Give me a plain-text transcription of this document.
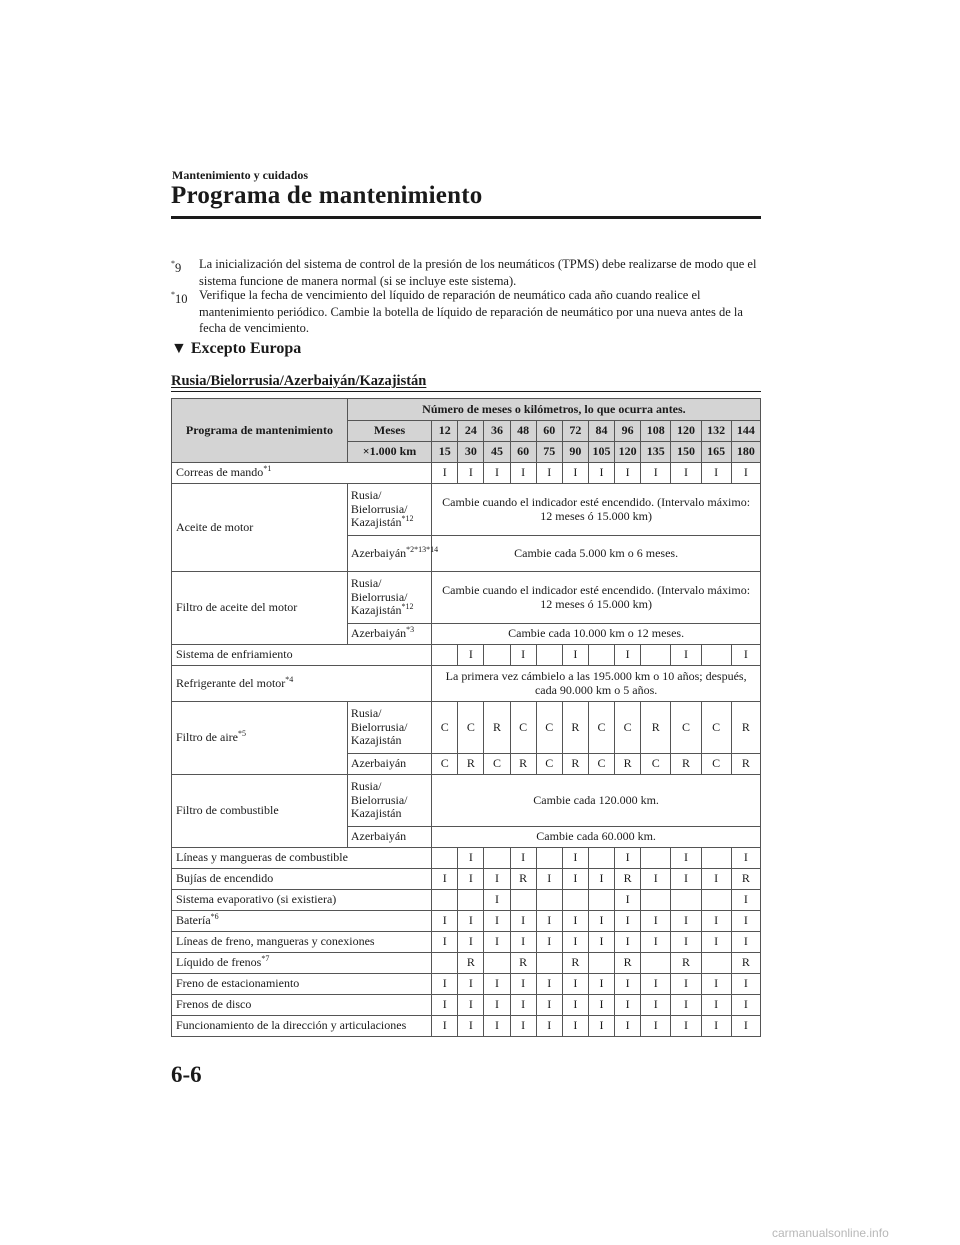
Mantenimiento y cuidados
Programa de mantenimiento
*9	La inicialización del sistema de control de la presión de los neumáticos (TPMS) debe realizarse de modo que el sistema funcione de manera normal (si se incluye este sistema).
*10 Verifique la fecha de vencimiento del líquido de reparación de neumático cada año cuando realice el mantenimiento periódico. Cambie la botella de líquido de reparación de neumático por una nueva antes de la fecha de vencimiento.
▼ Excepto Europa
Rusia/Bielorrusia/Azerbaiyán/Kazajistán
Programa de mantenimiento	Número de meses o kilómetros, lo que ocurra antes.												
	Meses	12	24	36	48	60	72	84	96	108	120	132	144
	×1.000 km	15	30	45	60	75	90	105	120	135	150	165	180
Correas de mando$^{*1}$		I	I	I	I	I	I	I	I	I	I	I	I
Aceite de motor	Rusia/ Bielorrusia/ Kazajistán$^{*12}$	Cambie cuando el indicador esté encendido. (Intervalo máximo: 12 meses ó 15.000 km)											
	Azerbaiyán$^{*2*13*14}$	Cambie cada 5.000 km o 6 meses.											
Filtro de aceite del motor	Rusia/ Bielorrusia/ Kazajistán$^{*12}$	Cambie cuando el indicador esté encendido. (Intervalo máximo: 12 meses ó 15.000 km)											
	Azerbaiyán$^{*3}$	Cambie cada 10.000 km o 12 meses.											
Sistema de enfriamiento			I		I		I		I		I		I
Refrigerante del motor$^{*4}$		La primera vez cámbielo a las 195.000 km o 10 años; después, cada 90.000 km o 5 años.											
Filtro de aire$^{*5}$	Rusia/ Bielorrusia/ Kazajistán	C	C	R	C	C	R	C	C	R	C	C	R
	Azerbaiyán	C	R	C	R	C	R	C	R	C	R	C	R
Filtro de combustible	Rusia/ Bielorrusia/ Kazajistán	Cambie cada 120.000 km.											
	Azerbaiyán	Cambie cada 60.000 km.											
Líneas y mangueras de combustible			I		I		I		I		I		I
Bujías de encendido		I	I	I	R	I	I	I	R	I	I	I	R
Sistema evaporativo (si existiera)				I					I				I
Batería$^{*6}$		I	I	I	I	I	I	I	I	I	I	I	I
Líneas de freno, mangueras y conexiones		I	I	I	I	I	I	I	I	I	I	I	I
Líquido de frenos$^{*7}$			R		R		R		R		R		R
Freno de estacionamiento		I	I	I	I	I	I	I	I	I	I	I	I
Frenos de disco		I	I	I	I	I	I	I	I	I	I	I	I
Funcionamiento de la dirección y articulaciones		I	I	I	I	I	I	I	I	I	I	I	I
6-6
carmanualsonline.info
